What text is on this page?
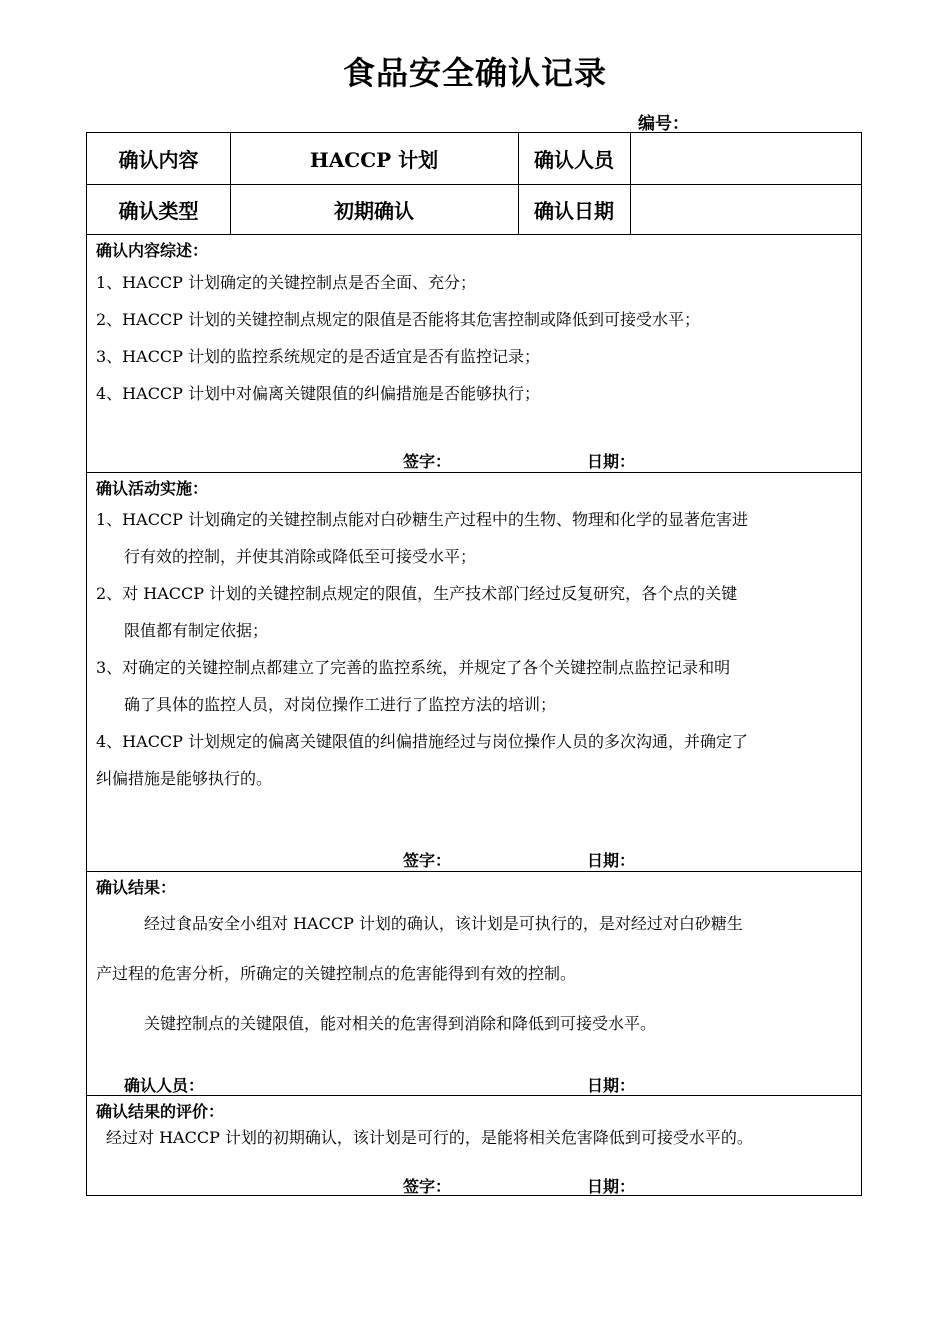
食品安全确认记录
编号：
确认内容	HACCP 计划	确认人员
确认类型	初期确认	确认日期
确认内容综述：
1、HACCP 计划确定的关键控制点是否全面、充分；
2、HACCP 计划的关键控制点规定的限值是否能将其危害控制或降低到可接受水平；
3、HACCP 计划的监控系统规定的是否适宜是否有监控记录；
4、HACCP 计划中对偏离关键限值的纠偏措施是否能够执行；
签字：	日期：
确认活动实施：
1、HACCP 计划确定的关键控制点能对白砂糖生产过程中的生物、物理和化学的显著危害进
行有效的控制，并使其消除或降低至可接受水平；
2、对 HACCP 计划的关键控制点规定的限值，生产技术部门经过反复研究，各个点的关键
限值都有制定依据；
3、对确定的关键控制点都建立了完善的监控系统，并规定了各个关键控制点监控记录和明
确了具体的监控人员，对岗位操作工进行了监控方法的培训；
4、HACCP 计划规定的偏离关键限值的纠偏措施经过与岗位操作人员的多次沟通，并确定了
纠偏措施是能够执行的。
签字：	日期：
确认结果：
经过食品安全小组对 HACCP 计划的确认，该计划是可执行的，是对经过对白砂糖生
产过程的危害分析，所确定的关键控制点的危害能得到有效的控制。
关键控制点的关键限值，能对相关的危害得到消除和降低到可接受水平。
确认人员：	日期：
确认结果的评价：
经过对 HACCP 计划的初期确认，该计划是可行的，是能将相关危害降低到可接受水平的。
签字：	日期：
